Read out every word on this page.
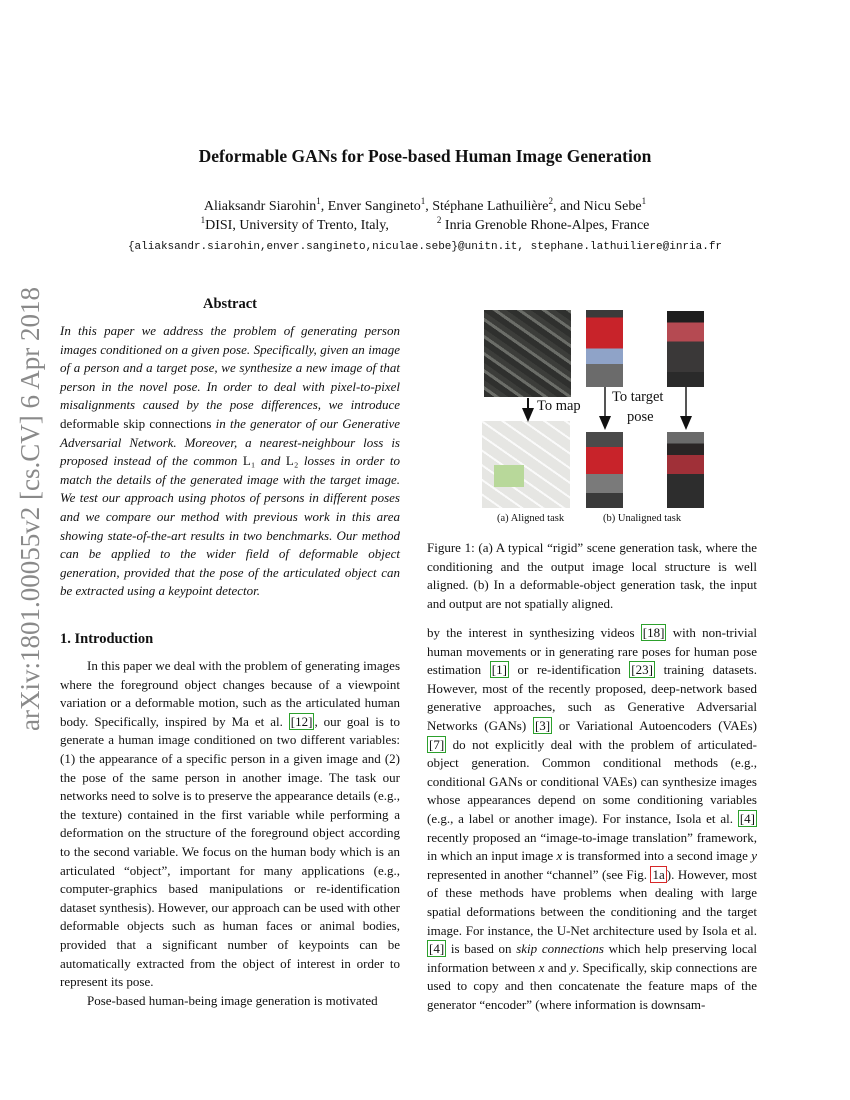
arXiv:1801.00055v2 [cs.CV] 6 Apr 2018
Deformable GANs for Pose-based Human Image Generation
Aliaksandr Siarohin$^1$, Enver Sangineto$^1$, Stéphane Lathuilière$^2$, and Nicu Sebe$^1$
$^1$DISI, University of Trento, Italy,	$^2$ Inria Grenoble Rhone-Alpes, France
{aliaksandr.siarohin,enver.sangineto,niculae.sebe}@unitn.it, stephane.lathuiliere@inria.fr
Abstract
In this paper we address the problem of generating person images conditioned on a given pose. Specifically, given an image of a person and a target pose, we synthesize a new image of that person in the novel pose. In order to deal with pixel-to-pixel misalignments caused by the pose differences, we introduce deformable skip connections in the generator of our Generative Adversarial Network. Moreover, a nearest-neighbour loss is proposed instead of the common L₁ and L₂ losses in order to match the details of the generated image with the target image. We test our approach using photos of persons in different poses and we compare our method with previous work in this area showing state-of-the-art results in two benchmarks. Our method can be applied to the wider field of deformable object generation, provided that the pose of the articulated object can be extracted using a keypoint detector.
To map
To target
pose
(a) Aligned task	(b) Unaligned task
Figure 1: (a) A typical “rigid” scene generation task, where the conditioning and the output image local structure is well aligned. (b) In a deformable-object generation task, the input and output are not spatially aligned.
1. Introduction

In this paper we deal with the problem of generating images where the foreground object changes because of a viewpoint variation or a deformable motion, such as the articulated human body. Specifically, inspired by Ma et al. [12] , our goal is to generate a human image conditioned on two different variables: (1) the appearance of a specific person in a given image and (2) the pose of the same person in another image. The task our networks need to solve is to preserve the appearance details (e.g., the texture) contained in the first variable while performing a deformation on the structure of the foreground object according to the second variable. We focus on the human body which is an articulated “object”, important for many applications (e.g., computer-graphics based manipulations or re-identification dataset synthesis). However, our approach can be used with other deformable objects such as human faces or animal bodies, provided that a significant number of keypoints can be automatically extracted from the object of interest in order to represent its pose.

Pose-based human-being image generation is motivated

by the interest in synthesizing videos [18] with non-trivial human movements or in generating rare poses for human pose estimation [1] or re-identification [23] training datasets. However, most of the recently proposed, deep-network based generative approaches, such as Generative Adversarial Networks (GANs) [3] or Variational Autoencoders (VAEs) [7] do not explicitly deal with the problem of articulated-object generation. Common conditional methods (e.g., conditional GANs or conditional VAEs) can synthesize images whose appearances depend on some conditioning variables (e.g., a label or another image). For instance, Isola et al. [4] recently proposed an “image-to-image translation” framework, in which an input image x is transformed into a second image y represented in another “channel” (see Fig. 1a ). However, most of these methods have problems when dealing with large spatial deformations between the conditioning and the target image. For instance, the U-Net architecture used by Isola et al. [4] is based on skip connections which help preserving local information between x and y. Specifically, skip connections are used to copy and then concatenate the feature maps of the generator “encoder” (where information is downsam-
